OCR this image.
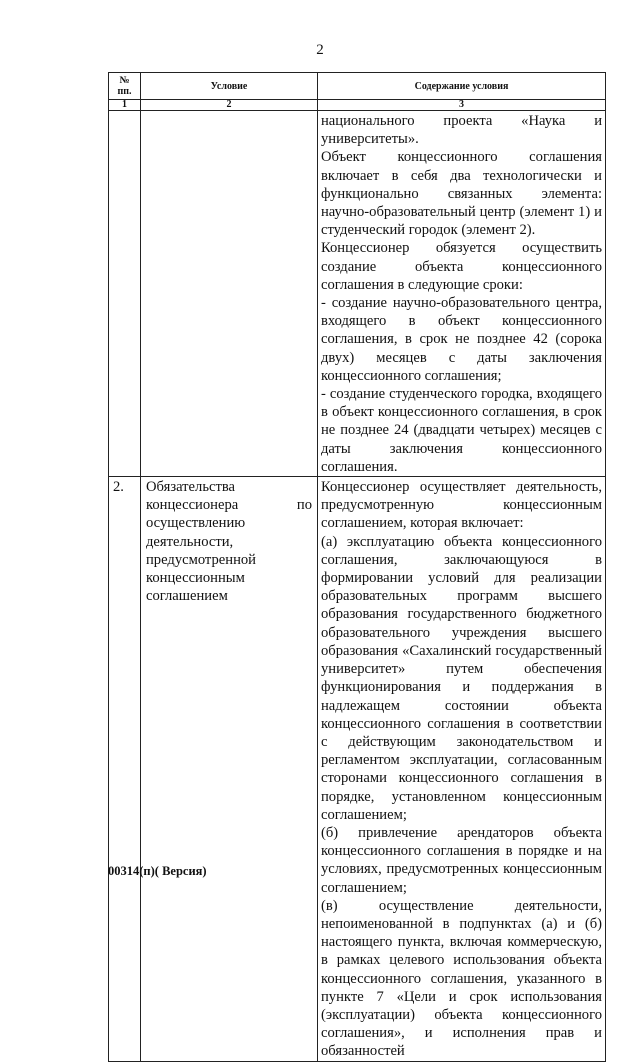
2
№
пп.	Условие	Содержание условия
1	2	3

		национального проекта «Наука и университеты».

Объект концессионного соглашения включает в себя два технологически и функционально связанных элемента: научно-образовательный центр (элемент 1) и студенческий городок (элемент 2).

Концессионер обязуется осуществить создание объекта концессионного соглашения в следующие сроки:

- создание научно-образовательного центра, входящего в объект концессионного соглашения, в срок не позднее 42 (сорока двух) месяцев с даты заключения концессионного соглашения;

- создание студенческого городка, входящего в объект концессионного соглашения, в срок не позднее 24 (двадцати четырех) месяцев с даты заключения концессионного соглашения.

2.	Обязательства концессионера по осуществлению деятельности, предусмотренной концессионным соглашением	Концессионер осуществляет деятельность, предусмотренную концессионным соглашением, которая включает:

(а) эксплуатацию объекта концессионного соглашения, заключающуюся в формировании условий для реализации образовательных программ высшего образования государственного бюджетного образовательного учреждения высшего образования «Сахалинский государственный университет» путем обеспечения функционирования и поддержания в надлежащем состоянии объекта концессионного соглашения в соответствии с действующим законодательством и регламентом эксплуатации, согласованным сторонами концессионного соглашения в порядке, установленном концессионным соглашением;

(б) привлечение арендаторов объекта концессионного соглашения в порядке и на условиях, предусмотренных концессионным соглашением;

(в) осуществление деятельности, непоименованной в подпунктах (а) и (б) настоящего пункта, включая коммерческую, в рамках целевого использования объекта концессионного соглашения, указанного в пункте 7 «Цели и срок использования (эксплуатации) объекта концессионного соглашения», и исполнения прав и обязанностей

00314(п)( Версия)
